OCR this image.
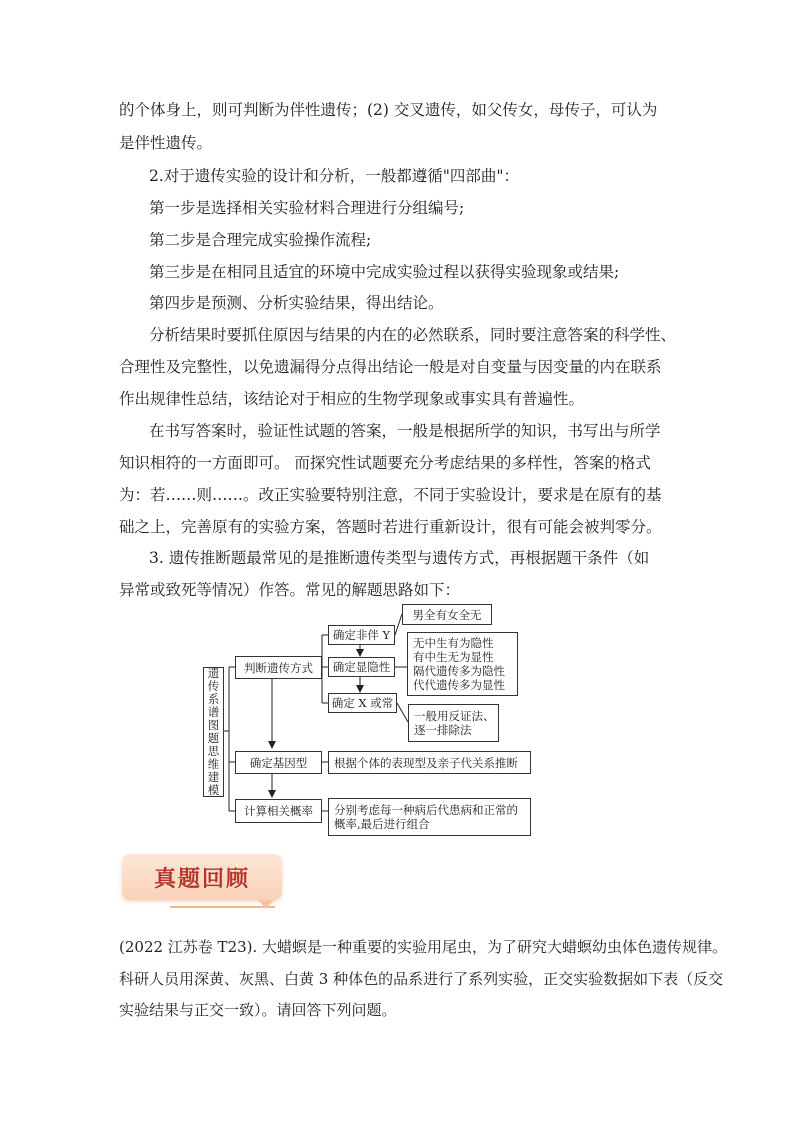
的个体身上，则可判断为伴性遗传；(2) 交叉遗传，如父传女，母传子，可认为
是伴性遗传。
2.对于遗传实验的设计和分析，一般都遵循"四部曲"：
第一步是选择相关实验材料合理进行分组编号;
第二步是合理完成实验操作流程;
第三步是在相同且适宜的环境中完成实验过程以获得实验现象或结果;
第四步是预测、分析实验结果，得出结论。
分析结果时要抓住原因与结果的内在的必然联系，同时要注意答案的科学性、
合理性及完整性，以免遗漏得分点得出结论一般是对自变量与因变量的内在联系
作出规律性总结，该结论对于相应的生物学现象或事实具有普遍性。
在书写答案时，验证性试题的答案，一般是根据所学的知识，书写出与所学
知识相符的一方面即可。 而探究性试题要充分考虑结果的多样性，答案的格式
为：若……则……。改正实验要特别注意，不同于实验设计，要求是在原有的基
础之上，完善原有的实验方案，答题时若进行重新设计，很有可能会被判零分。
3. 遗传推断题最常见的是推断遗传类型与遗传方式，再根据题干条件（如
异常或致死等情况）作答。常见的解题思路如下：
遗
传
系
谱
图
题
思
维
建
模
判断遗传方式
确定非伴 Y
男全有女全无
确定显隐性
无中生有为隐性
有中生无为显性
隔代遗传多为隐性
代代遗传多为显性
确定 X 或常
一般用反证法、
逐一排除法
确定基因型	根据个体的表现型及亲子代关系推断
计算相关概率	分别考虑每一种病后代患病和正常的
概率,最后进行组合
真题回顾
(2022 江苏卷 T23). 大蜡螟是一种重要的实验用尾虫，为了研究大蜡螟幼虫体色遗传规律。
科研人员用深黄、灰黑、白黄 3 种体色的品系进行了系列实验，正交实验数据如下表（反交
实验结果与正交一致）。请回答下列问题。
